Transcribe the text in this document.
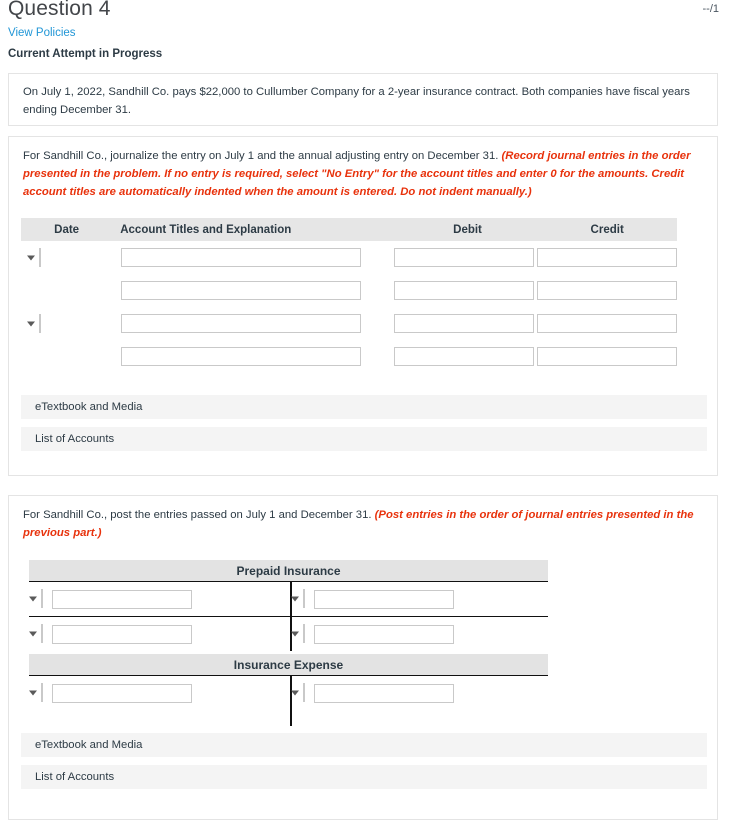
Question 4	--/1
View Policies
Current Attempt in Progress
On July 1, 2022, Sandhill Co. pays $22,000 to Cullumber Company for a 2-year insurance contract. Both companies have fiscal years ending December 31.
For Sandhill Co., journalize the entry on July 1 and the annual adjusting entry on December 31. (Record journal entries in the order presented in the problem. If no entry is required, select "No Entry" for the account titles and enter 0 for the amounts. Credit account titles are automatically indented when the amount is entered. Do not indent manually.)
Date	Account Titles and Explanation	Debit	Credit
eTextbook and Media
List of Accounts
For Sandhill Co., post the entries passed on July 1 and December 31. (Post entries in the order of journal entries presented in the previous part.)
Prepaid Insurance
Insurance Expense
eTextbook and Media
List of Accounts
